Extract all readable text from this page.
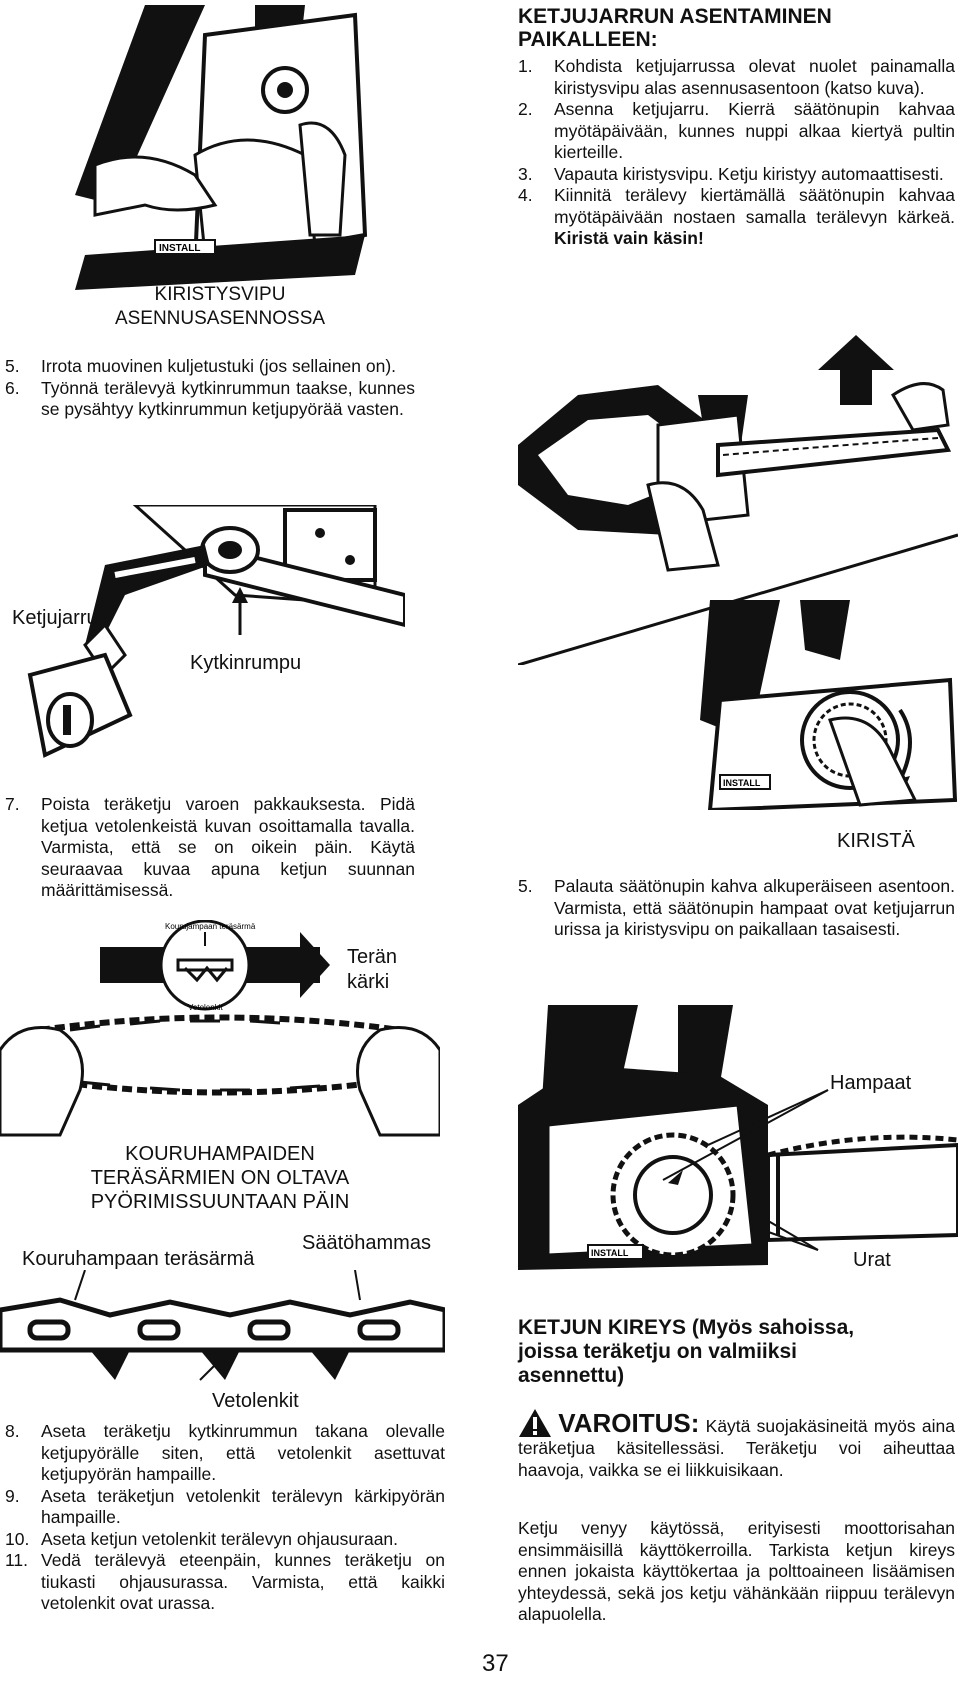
INSTALL
KIRISTYSVIPU
ASENNUSASENNOSSA
5. Irrota muovinen kuljetustuki (jos sellainen on).
6. Työnnä terälevyä kytkinrummun taakse, kunnes se pysähtyy kytkinrummun ketjupyörää vasten.
Ketjujarru
Kytkinrumpu
7. Poista teräketju varoen pakkauksesta. Pidä ketjua vetolenkeistä kuvan osoittamalla tavalla. Varmista, että se on oikein päin. Käytä seuraavaa kuvaa apuna ketjun suunnan määrittämisessä.
Kourujampaan teräsärmä
Vetolenkit
Terän
kärki
KOURUHAMPAIDEN
TERÄSÄRMIEN ON OLTAVA
PYÖRIMISSUUNTAAN PÄIN
Kouruhampaan teräsärmä
Säätöhammas
Vetolenkit
8. Aseta teräketju kytkinrummun takana olevalle ketjupyörälle siten, että vetolenkit asettuvat ketjupyörän hampaille.
9. Aseta teräketjun vetolenkit terälevyn kärkipyörän hampaille.
10. Aseta ketjun vetolenkit terälevyn ohjausuraan.
11. Vedä terälevyä eteenpäin, kunnes teräketju on tiukasti ohjausurassa. Varmista, että kaikki vetolenkit ovat urassa.
KETJUJARRUN ASENTAMINEN
PAIKALLEEN:
1. Kohdista ketjujarrussa olevat nuolet painamalla kiristysvipu alas asennusasentoon (katso kuva).
2. Asenna ketjujarru. Kierrä säätönupin kahvaa myötäpäivään, kunnes nuppi alkaa kiertyä pultin kierteille.
3. Vapauta kiristysvipu. Ketju kiristyy automaattisesti.
4. Kiinnitä terälevy kiertämällä säätönupin kahvaa myötäpäivään nostaen samalla terälevyn kärkeä. Kiristä vain käsin!
INSTALL
KIRISTÄ
5. Palauta säätönupin kahva alkuperäiseen asentoon. Varmista, että säätönupin hampaat ovat ketjujarrun urissa ja kiristysvipu on paikallaan tasaisesti.
INSTALL
Hampaat
Urat
KETJUN KIREYS (Myös sahoissa,
joissa teräketju on valmiiksi
asennettu)
VAROITUS: Käytä suojakäsineitä myös aina teräketjua käsitellessäsi. Teräketju voi aiheuttaa haavoja, vaikka se ei liikkuisikaan.
Ketju venyy käytössä, erityisesti moottorisahan ensimmäisillä käyttökerroilla. Tarkista ketjun kireys ennen jokaista käyttökertaa ja polttoaineen lisäämisen yhteydessä, sekä jos ketju vähänkään riippuu terälevyn alapuolella.
37
